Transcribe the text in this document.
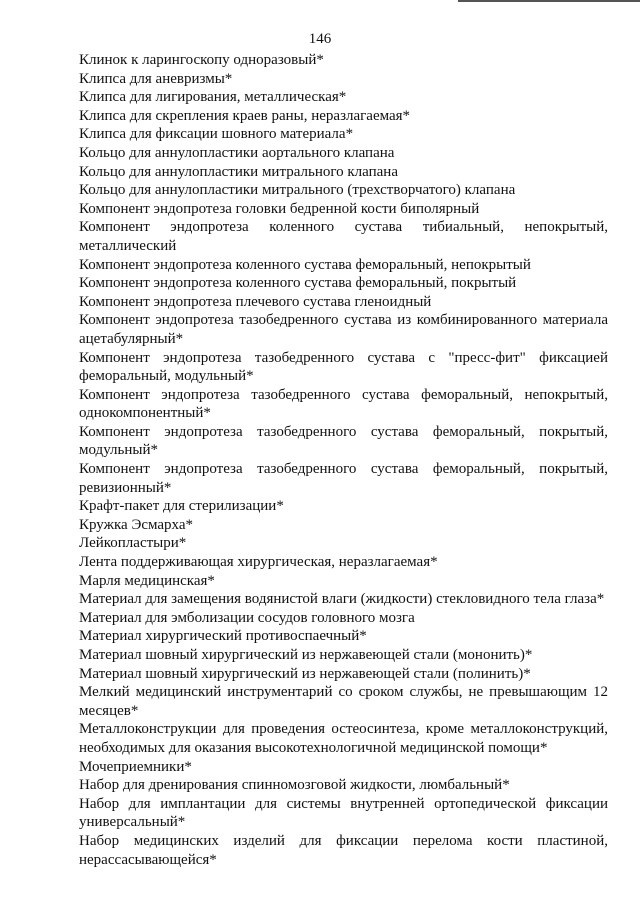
146
Клинок к ларингоскопу одноразовый*
Клипса для аневризмы*
Клипса для лигирования, металлическая*
Клипса для скрепления краев раны, неразлагаемая*
Клипса для фиксации шовного материала*
Кольцо для аннулопластики аортального клапана
Кольцо для аннулопластики митрального клапана
Кольцо для аннулопластики митрального (трехстворчатого) клапана
Компонент эндопротеза головки бедренной кости биполярный
Компонент эндопротеза коленного сустава тибиальный, непокрытый, металлический
Компонент эндопротеза коленного сустава феморальный, непокрытый
Компонент эндопротеза коленного сустава феморальный, покрытый
Компонент эндопротеза плечевого сустава гленоидный
Компонент эндопротеза тазобедренного сустава из комбинированного материала ацетабулярный*
Компонент эндопротеза тазобедренного сустава с "пресс-фит" фиксацией феморальный, модульный*
Компонент эндопротеза тазобедренного сустава феморальный, непокрытый, однокомпонентный*
Компонент эндопротеза тазобедренного сустава феморальный, покрытый, модульный*
Компонент эндопротеза тазобедренного сустава феморальный, покрытый, ревизионный*
Крафт-пакет для стерилизации*
Кружка Эсмарха*
Лейкопластыри*
Лента поддерживающая хирургическая, неразлагаемая*
Марля медицинская*
Материал для замещения водянистой влаги (жидкости) стекловидного тела глаза*
Материал для эмболизации сосудов головного мозга
Материал хирургический противоспаечный*
Материал шовный хирургический из нержавеющей стали (мононить)*
Материал шовный хирургический из нержавеющей стали (полинить)*
Мелкий медицинский инструментарий со сроком службы, не превышающим 12 месяцев*
Металлоконструкции для проведения остеосинтеза, кроме металлоконструкций, необходимых для оказания высокотехнологичной медицинской помощи*
Мочеприемники*
Набор для дренирования спинномозговой жидкости, люмбальный*
Набор для имплантации для системы внутренней ортопедической фиксации универсальный*
Набор медицинских изделий для фиксации перелома кости пластиной, нерассасывающейся*
